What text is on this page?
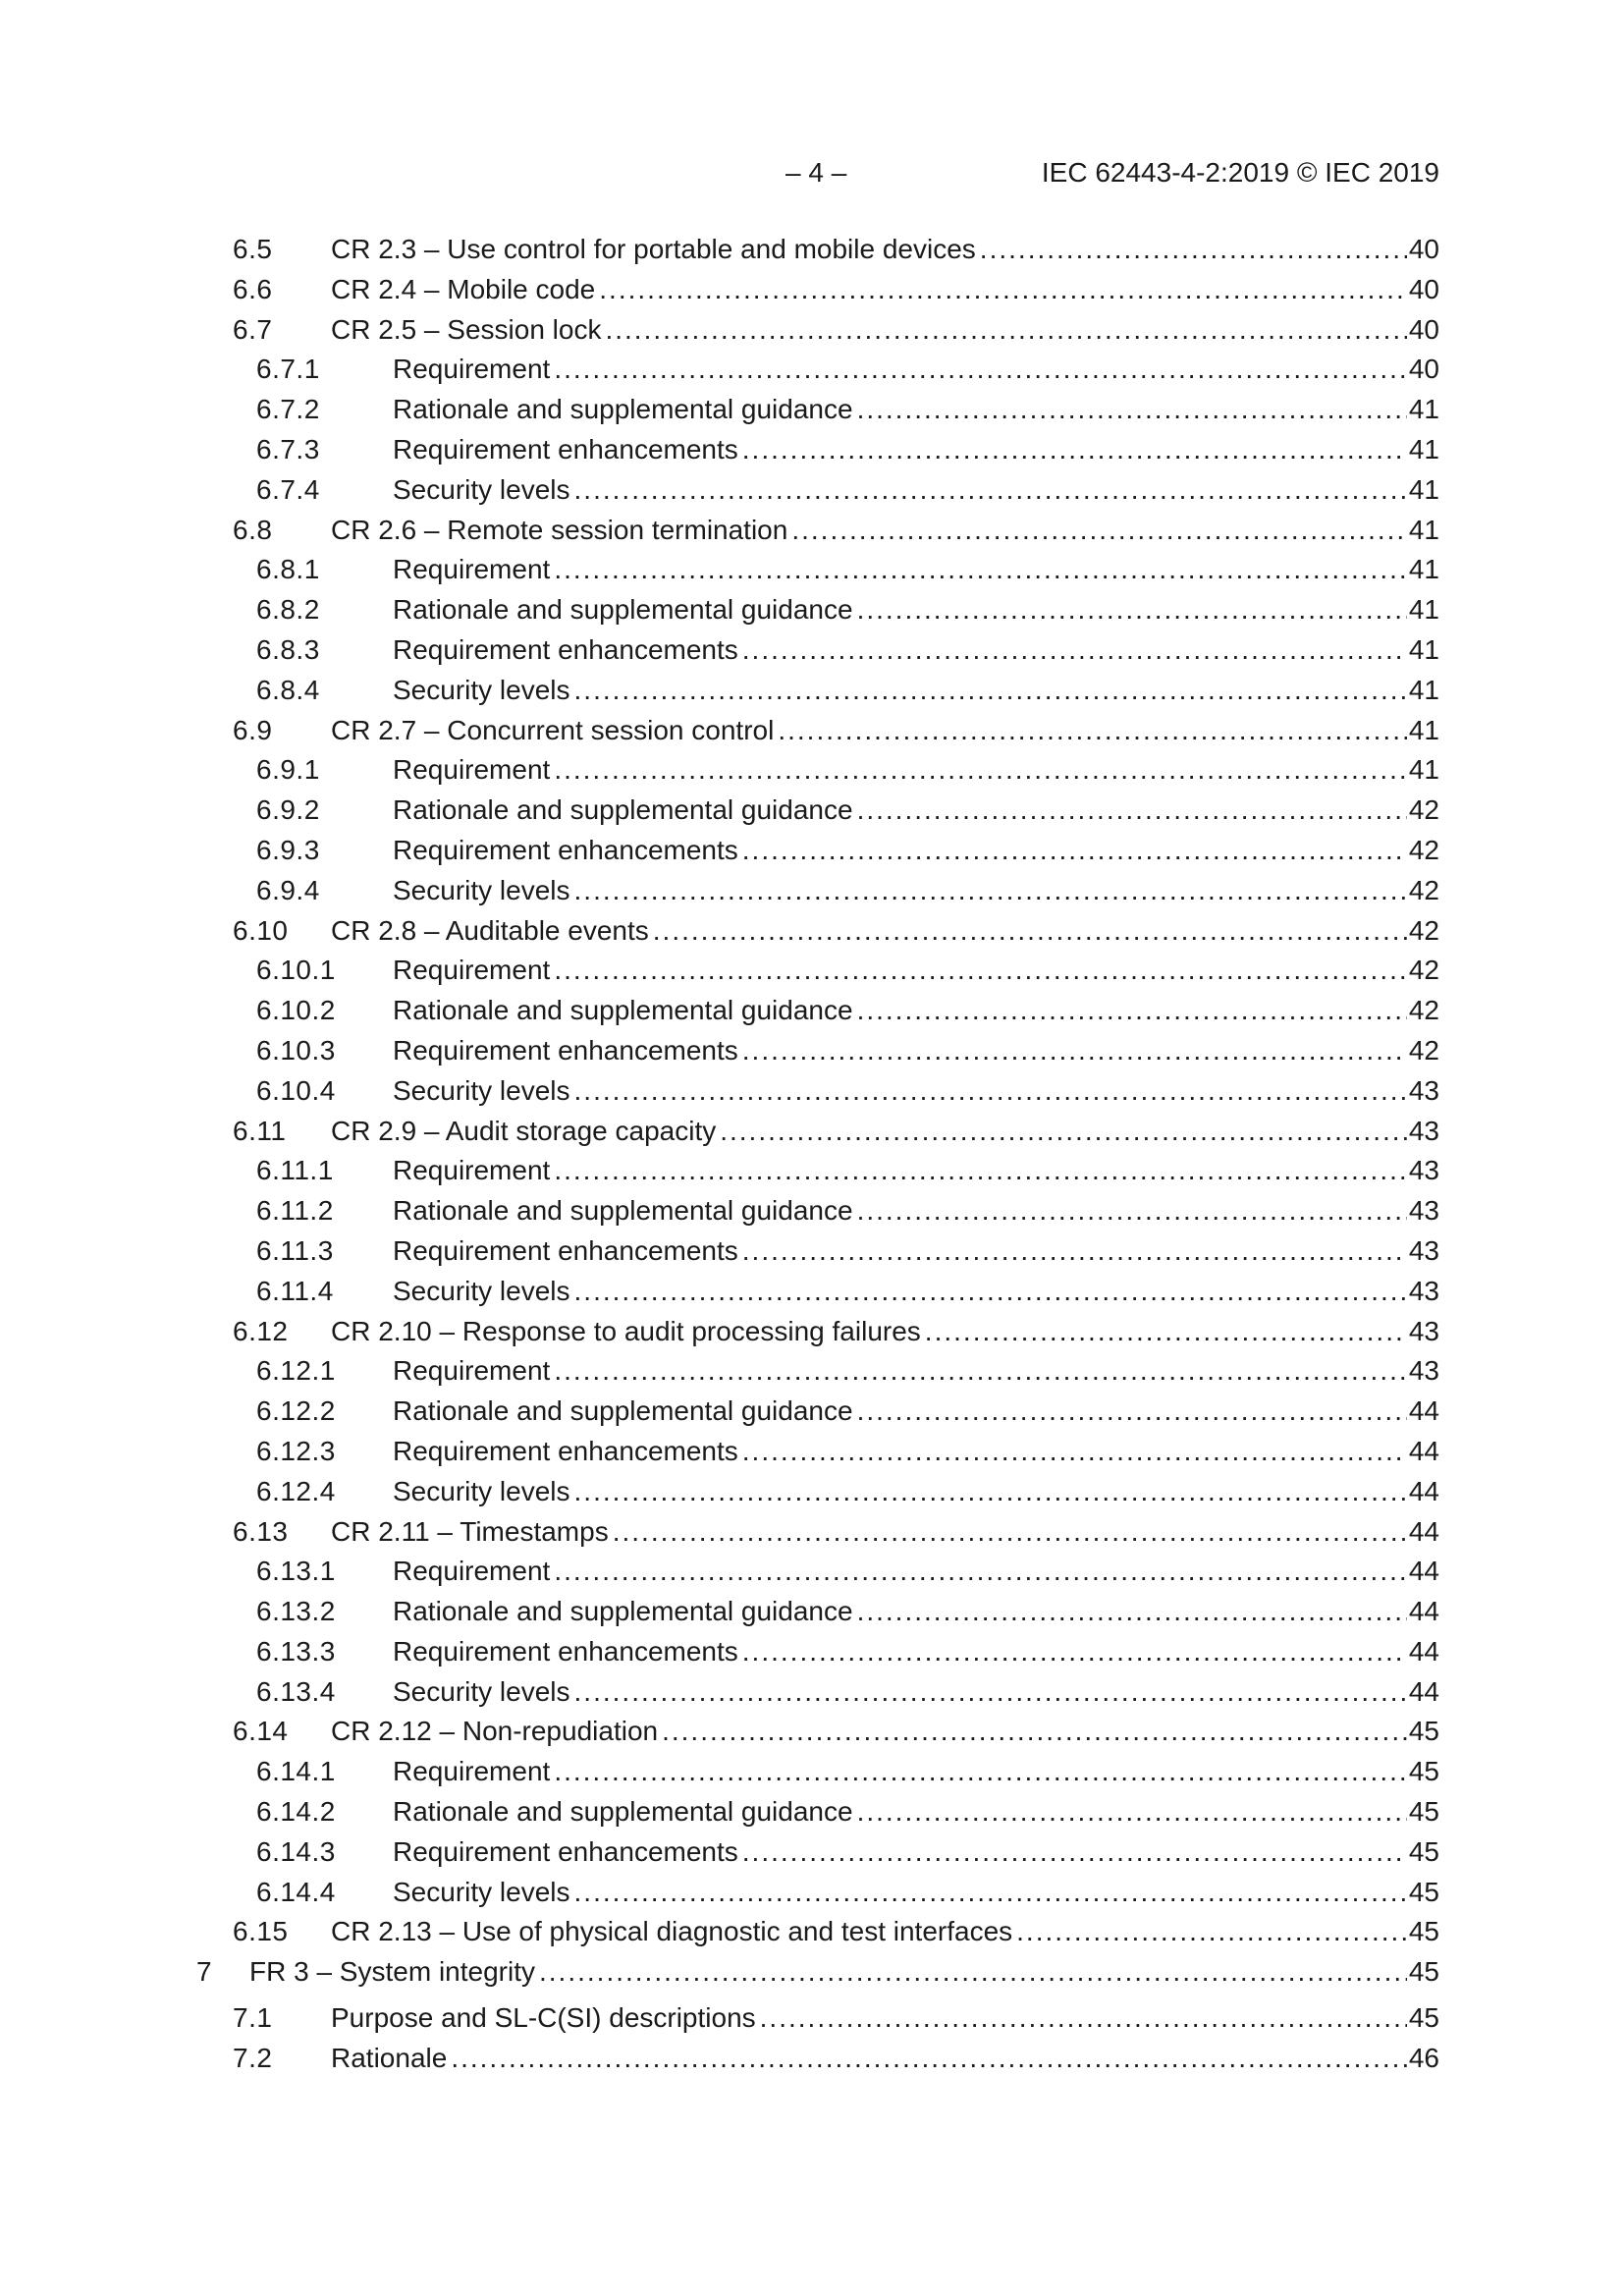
– 4 –	IEC 62443-4-2:2019 © IEC 2019
6.5 CR 2.3 – Use control for portable and mobile devices .....	40
6.6 CR 2.4 – Mobile code .....	40
6.7 CR 2.5 – Session lock .....	40
6.7.1	Requirement .....	40
6.7.2	Rationale and supplemental guidance .....	41
6.7.3	Requirement enhancements .....	41
6.7.4	Security levels .....	41
6.8 CR 2.6 – Remote session termination .....	41
6.8.1	Requirement .....	41
6.8.2	Rationale and supplemental guidance .....	41
6.8.3	Requirement enhancements .....	41
6.8.4	Security levels .....	41
6.9 CR 2.7 – Concurrent session control .....	41
6.9.1	Requirement .....	41
6.9.2	Rationale and supplemental guidance .....	42
6.9.3	Requirement enhancements .....	42
6.9.4	Security levels .....	42
6.10 CR 2.8 – Auditable events .....	42
6.10.1 Requirement .....	42
6.10.2 Rationale and supplemental guidance .....	42
6.10.3 Requirement enhancements .....	42
6.10.4 Security levels .....	43
6.11 CR 2.9 – Audit storage capacity .....	43
6.11.1 Requirement .....	43
6.11.2 Rationale and supplemental guidance .....	43
6.11.3 Requirement enhancements .....	43
6.11.4 Security levels .....	43
6.12 CR 2.10 – Response to audit processing failures .....	43
6.12.1 Requirement .....	43
6.12.2 Rationale and supplemental guidance .....	44
6.12.3 Requirement enhancements .....	44
6.12.4 Security levels .....	44
6.13 CR 2.11 – Timestamps .....	44
6.13.1 Requirement .....	44
6.13.2 Rationale and supplemental guidance .....	44
6.13.3 Requirement enhancements .....	44
6.13.4 Security levels .....	44
6.14 CR 2.12 – Non-repudiation .....	45
6.14.1 Requirement .....	45
6.14.2 Rationale and supplemental guidance .....	45
6.14.3 Requirement enhancements .....	45
6.14.4 Security levels .....	45
6.15 CR 2.13 – Use of physical diagnostic and test interfaces .....	45
7 FR 3 – System integrity .....	45
7.1 Purpose and SL-C(SI) descriptions .....	45
7.2 Rationale .....	46
